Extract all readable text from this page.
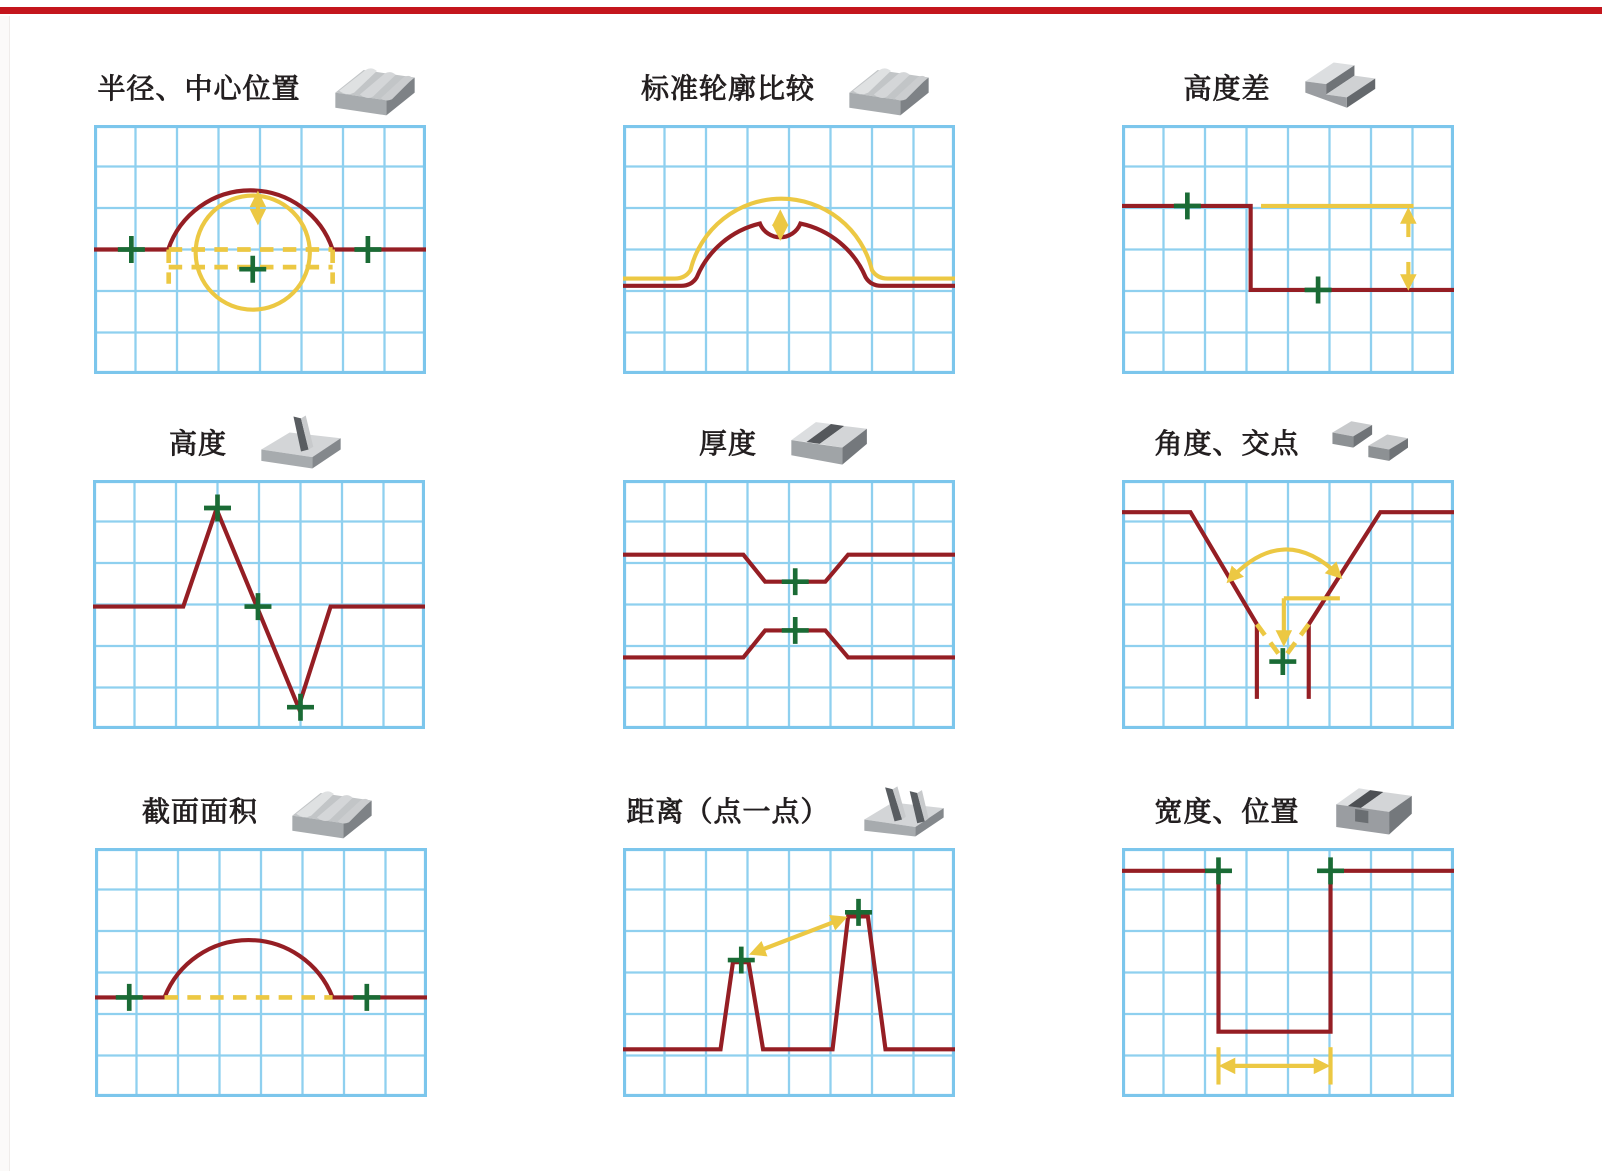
半径、中心位置	标准轮廓比较	高度差
高度	厚度	角度、交点
截面面积	距离（点一点）	宽度、位置
